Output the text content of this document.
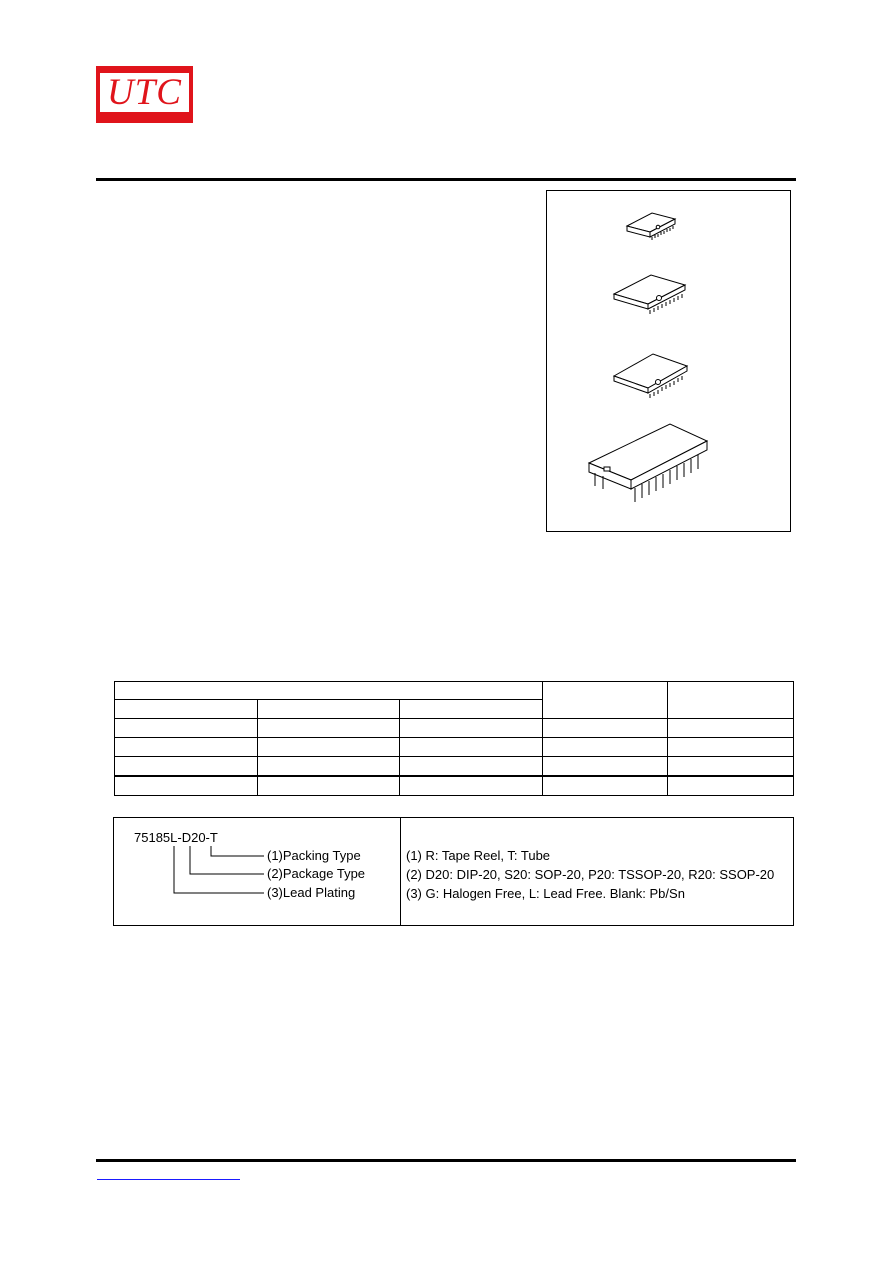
UTC

75185L-D20-T
(1)Packing Type
(2)Package Type
(3)Lead Plating
(1) R: Tape Reel, T: Tube
(2) D20: DIP-20, S20: SOP-20, P20: TSSOP-20, R20: SSOP-20
(3) G: Halogen Free, L: Lead Free. Blank: Pb/Sn
